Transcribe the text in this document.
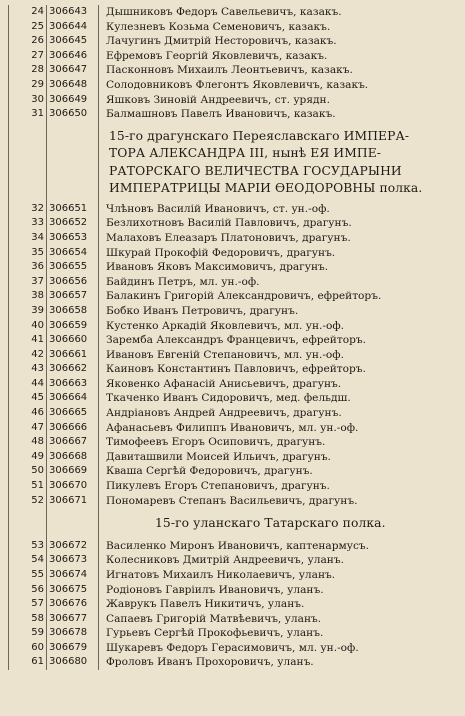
24 306643	Дышниковъ Федоръ Савельевичъ, казакъ.
25 306644	Кулезневъ Козьма Семеновичъ, казакъ.
26 306645	Лачугинъ Дмитрій Несторовичъ, казакъ.
27 306646	Ефремовъ Георгій Яковлевичъ, казакъ.
28 306647	Пасконновъ Михаилъ Леонтьевичъ, казакъ.
29 306648	Солодовниковъ Флегонтъ Яковлевичъ, казакъ.
30 306649	Яшковъ Зиновій Андреевичъ, ст. урядн.
31 306650	Балмашновъ Павелъ Ивановичъ, казакъ.
15-го драгунскаго Переяславскаго ИМПЕРА-
ТОРА АЛЕКСАНДРА III, нынѣ ЕЯ ИМПЕ-
РАТОРСКАГО ВЕЛИЧЕСТВА ГОСУДАРЫНИ
ИМПЕРАТРИЦЫ МАРІИ ѲЕОДОРОВНЫ полка.
32 306651	Члѣновъ Василій Ивановичъ, ст. ун.-оф.
33 306652	Безлихотновъ Василій Павловичъ, драгунъ.
34 306653	Малаховъ Елеазаръ Платоновичъ, драгунъ.
35 306654	Шкурай Прокофій Федоровичъ, драгунъ.
36 306655	Ивановъ Яковъ Максимовичъ, драгунъ.
37 306656	Байдинъ Петръ, мл. ун.-оф.
38 306657	Балакинъ Григорій Александровичъ, ефрейторъ.
39 306658	Бобко Иванъ Петровичъ, драгунъ.
40 306659	Кустенко Аркадій Яковлевичъ, мл. ун.-оф.
41 306660	Заремба Александръ Францевичъ, ефрейторъ.
42 306661	Ивановъ Евгеній Степановичъ, мл. ун.-оф.
43 306662	Каиновъ Константинъ Павловичъ, ефрейторъ.
44 306663	Яковенко Афанасій Анисьевичъ, драгунъ.
45 306664	Ткаченко Иванъ Сидоровичъ, мед. фельдш.
46 306665	Андріановъ Андрей Андреевичъ, драгунъ.
47 306666	Афанасьевъ Филиппъ Ивановичъ, мл. ун.-оф.
48 306667	Тимофеевъ Егоръ Осиповичъ, драгунъ.
49 306668	Давиташвили Моисей Ильичъ, драгунъ.
50 306669	Кваша Сергѣй Федоровичъ, драгунъ.
51 306670	Пикулевъ Егоръ Степановичъ, драгунъ.
52 306671	Пономаревъ Степанъ Васильевичъ, драгунъ.
15-го уланскаго Татарскаго полка.
53 306672	Василенко Миронъ Ивановичъ, каптенармусъ.
54 306673	Колесниковъ Дмитрій Андреевичъ, уланъ.
55 306674	Игнатовъ Михаилъ Николаевичъ, уланъ.
56 306675	Родіоновъ Гавріилъ Ивановичъ, уланъ.
57 306676	Жаврукъ Павелъ Никитичъ, уланъ.
58 306677	Сапаевъ Григорій Матвѣевичъ, уланъ.
59 306678	Гурьевъ Сергѣй Прокофьевичъ, уланъ.
60 306679	Шукаревъ Федоръ Герасимовичъ, мл. ун.-оф.
61 306680	Фроловъ Иванъ Прохоровичъ, уланъ.
